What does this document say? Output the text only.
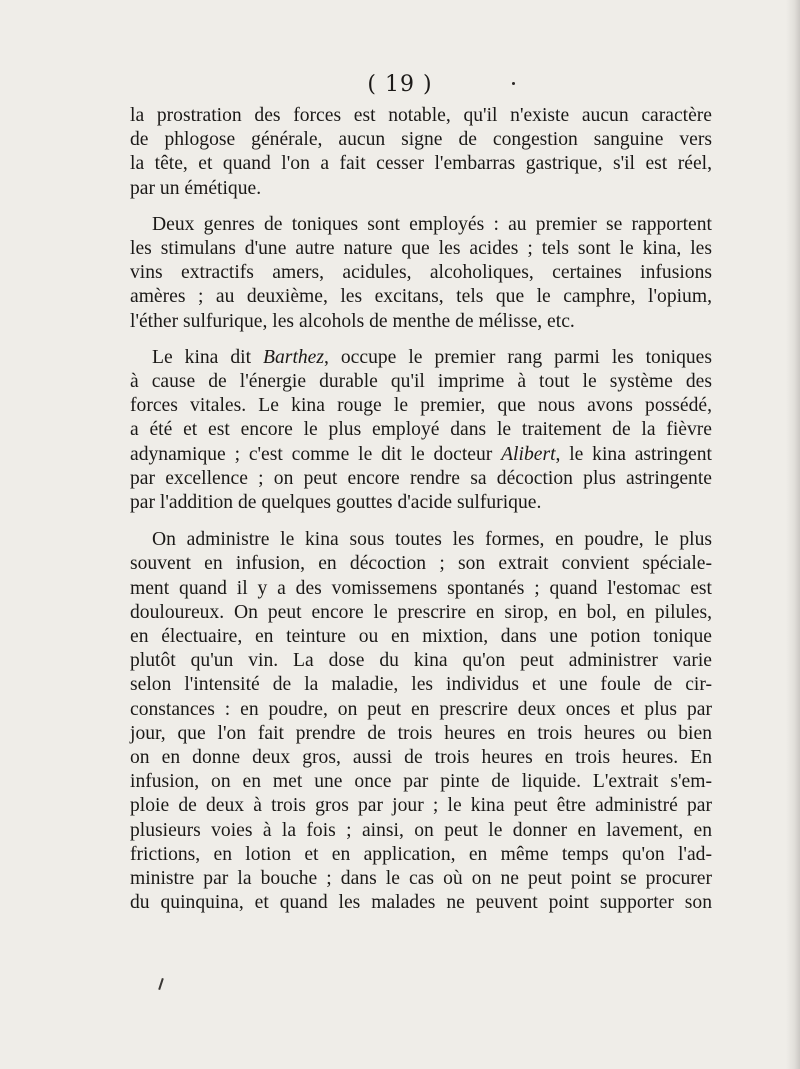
( 19 )

la prostration des forces est notable, qu'il n'existe aucun caractère
de phlogose générale, aucun signe de congestion sanguine vers
la tête, et quand l'on a fait cesser l'embarras gastrique, s'il est réel,
par un émétique.

Deux genres de toniques sont employés : au premier se rapportent
les stimulans d'une autre nature que les acides ; tels sont le kina, les
vins extractifs amers, acidules, alcoholiques, certaines infusions
amères ; au deuxième, les excitans, tels que le camphre, l'opium,
l'éther sulfurique, les alcohols de menthe de mélisse, etc.

Le kina dit Barthez, occupe le premier rang parmi les toniques
à cause de l'énergie durable qu'il imprime à tout le système des
forces vitales. Le kina rouge le premier, que nous avons possédé,
a été et est encore le plus employé dans le traitement de la fièvre
adynamique ; c'est comme le dit le docteur Alibert, le kina astringent
par excellence ; on peut encore rendre sa décoction plus astringente
par l'addition de quelques gouttes d'acide sulfurique.

On administre le kina sous toutes les formes, en poudre, le plus
souvent en infusion, en décoction ; son extrait convient spéciale-
ment quand il y a des vomissemens spontanés ; quand l'estomac est
douloureux. On peut encore le prescrire en sirop, en bol, en pilules,
en électuaire, en teinture ou en mixtion, dans une potion tonique
plutôt qu'un vin. La dose du kina qu'on peut administrer varie
selon l'intensité de la maladie, les individus et une foule de cir-
constances : en poudre, on peut en prescrire deux onces et plus par
jour, que l'on fait prendre de trois heures en trois heures ou bien
on en donne deux gros, aussi de trois heures en trois heures. En
infusion, on en met une once par pinte de liquide. L'extrait s'em-
ploie de deux à trois gros par jour ; le kina peut être administré par
plusieurs voies à la fois ; ainsi, on peut le donner en lavement, en
frictions, en lotion et en application, en même temps qu'on l'ad-
ministre par la bouche ; dans le cas où on ne peut point se procurer
du quinquina, et quand les malades ne peuvent point supporter son
